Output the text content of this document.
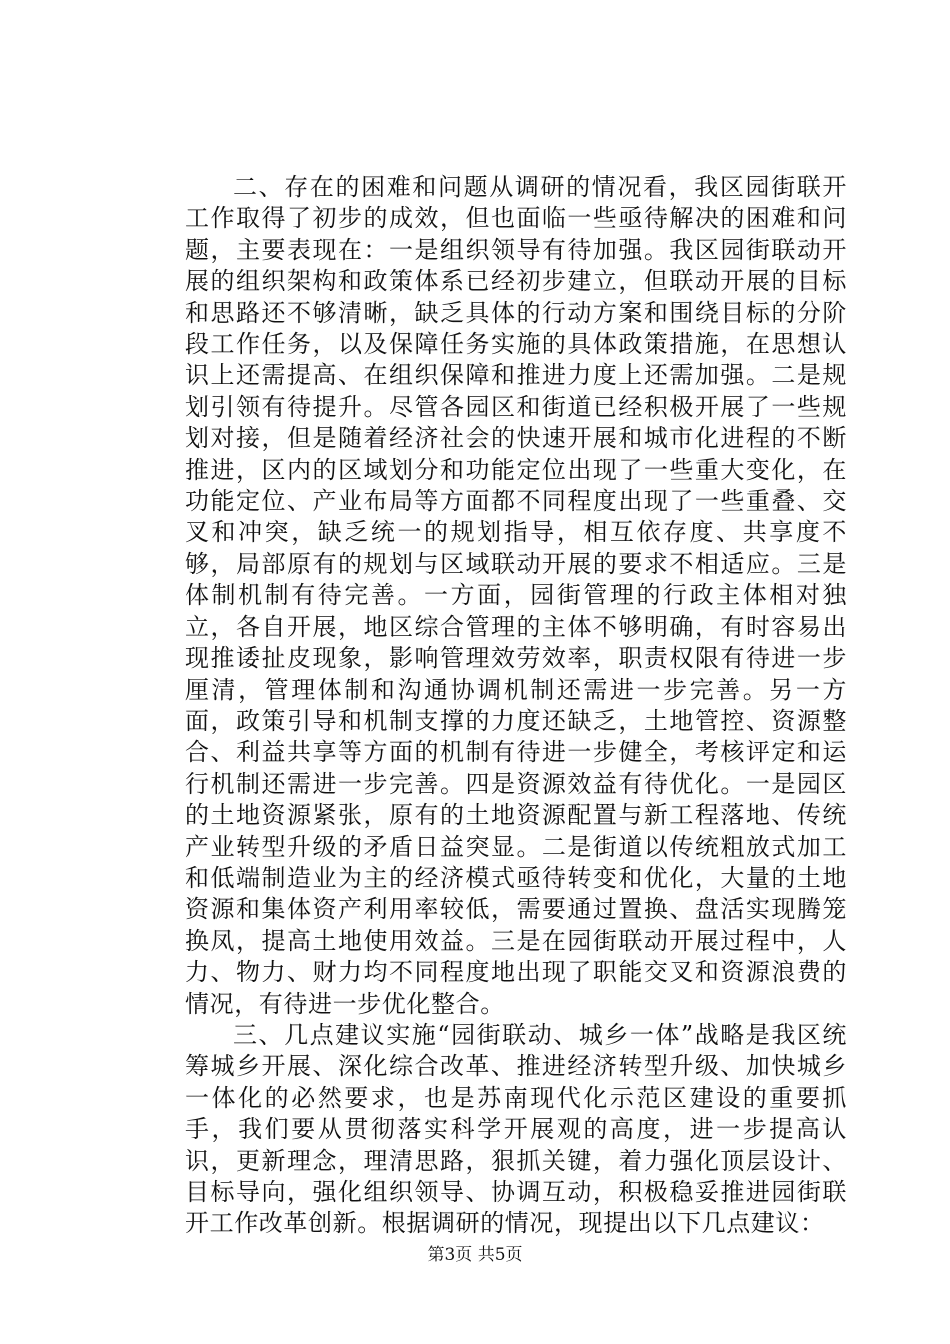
二、存在的困难和问题从调研的情况看，我区园街联开工作取得了初步的成效，但也面临一些亟待解决的困难和问题，主要表现在：一是组织领导有待加强。我区园街联动开展的组织架构和政策体系已经初步建立，但联动开展的目标和思路还不够清晰，缺乏具体的行动方案和围绕目标的分阶段工作任务，以及保障任务实施的具体政策措施，在思想认识上还需提高、在组织保障和推进力度上还需加强。二是规划引领有待提升。尽管各园区和街道已经积极开展了一些规划对接，但是随着经济社会的快速开展和城市化进程的不断推进，区内的区域划分和功能定位出现了一些重大变化，在功能定位、产业布局等方面都不同程度出现了一些重叠、交叉和冲突，缺乏统一的规划指导，相互依存度、共享度不够，局部原有的规划与区域联动开展的要求不相适应。三是体制机制有待完善。一方面，园街管理的行政主体相对独立，各自开展，地区综合管理的主体不够明确，有时容易出现推诿扯皮现象，影响管理效劳效率，职责权限有待进一步厘清，管理体制和沟通协调机制还需进一步完善。另一方面，政策引导和机制支撑的力度还缺乏，土地管控、资源整合、利益共享等方面的机制有待进一步健全，考核评定和运行机制还需进一步完善。四是资源效益有待优化。一是园区的土地资源紧张，原有的土地资源配置与新工程落地、传统产业转型升级的矛盾日益突显。二是街道以传统粗放式加工和低端制造业为主的经济模式亟待转变和优化，大量的土地资源和集体资产利用率较低，需要通过置换、盘活实现腾笼换凤，提高土地使用效益。三是在园街联动开展过程中，人力、物力、财力均不同程度地出现了职能交叉和资源浪费的情况，有待进一步优化整合。

三、几点建议实施“园街联动、城乡一体”战略是我区统筹城乡开展、深化综合改革、推进经济转型升级、加快城乡一体化的必然要求，也是苏南现代化示范区建设的重要抓手，我们要从贯彻落实科学开展观的高度，进一步提高认识，更新理念，理清思路，狠抓关键，着力强化顶层设计、目标导向，强化组织领导、协调互动，积极稳妥推进园街联开工作改革创新。根据调研的情况，现提出以下几点建议：

第3页 共5页
